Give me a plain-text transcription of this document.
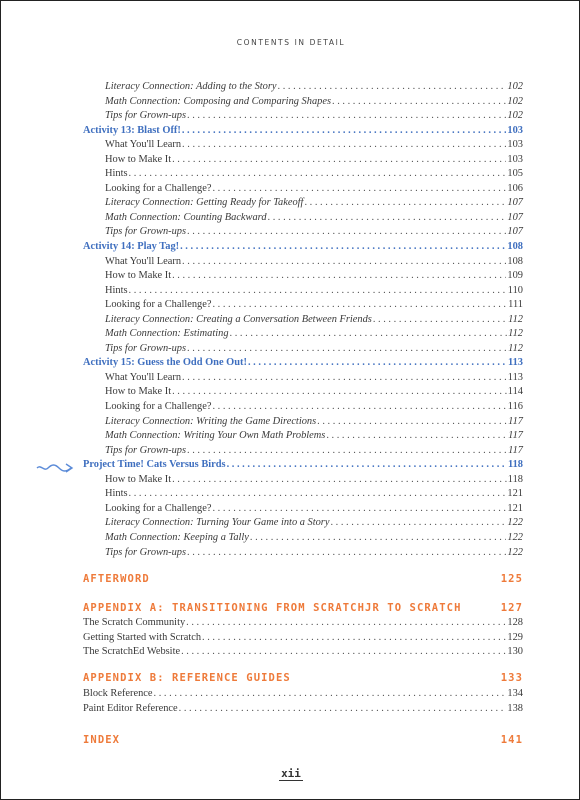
CONTENTS IN DETAIL
Literacy Connection: Adding to the Story . . .	102
Math Connection: Composing and Comparing Shapes . . .	102
Tips for Grown-ups . . .	102
Activity 13: Blast Off! . . .	103
What You'll Learn . . .	103
How to Make It . . .	103
Hints . . .	105
Looking for a Challenge? . . .	106
Literacy Connection: Getting Ready for Takeoff . . .	107
Math Connection: Counting Backward . . .	107
Tips for Grown-ups . . .	107
Activity 14: Play Tag! . . .	108
What You'll Learn . . .	108
How to Make It . . .	109
Hints . . .	110
Looking for a Challenge? . . .	111
Literacy Connection: Creating a Conversation Between Friends . . .	112
Math Connection: Estimating . . .	112
Tips for Grown-ups . . .	112
Activity 15: Guess the Odd One Out! . . .	113
What You'll Learn . . .	113
How to Make It . . .	114
Looking for a Challenge? . . .	116
Literacy Connection: Writing the Game Directions . . .	117
Math Connection: Writing Your Own Math Problems . . .	117
Tips for Grown-ups . . .	117
Project Time! Cats Versus Birds . . .	118
How to Make It . . .	118
Hints . . .	121
Looking for a Challenge? . . .	121
Literacy Connection: Turning Your Game into a Story . . .	122
Math Connection: Keeping a Tally . . .	122
Tips for Grown-ups . . .	122
AFTERWORD	125
APPENDIX A: TRANSITIONING FROM SCRATCHJR TO SCRATCH	127
The Scratch Community . . .	128
Getting Started with Scratch . . .	129
The ScratchEd Website . . .	130
APPENDIX B: REFERENCE GUIDES	133
Block Reference . . .	134
Paint Editor Reference . . .	138
INDEX	141
xii
